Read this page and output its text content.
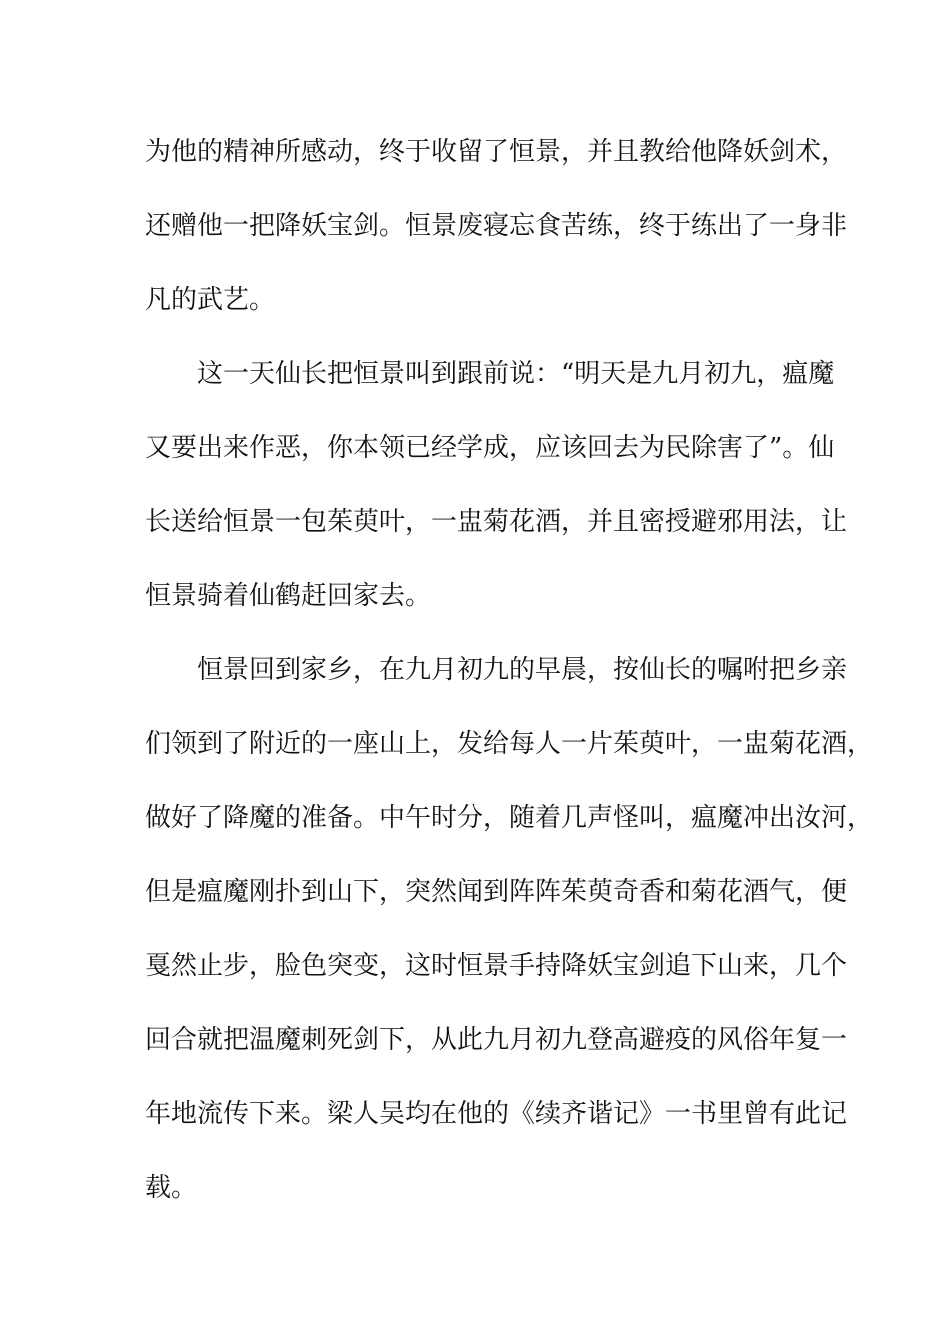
为他的精神所感动，终于收留了恒景，并且教给他降妖剑术，
还赠他一把降妖宝剑。恒景废寝忘食苦练，终于练出了一身非
凡的武艺。
这一天仙长把恒景叫到跟前说：“明天是九月初九，瘟魔
又要出来作恶，你本领已经学成，应该回去为民除害了”。仙
长送给恒景一包茱萸叶，一盅菊花酒，并且密授避邪用法，让
恒景骑着仙鹤赶回家去。
恒景回到家乡，在九月初九的早晨，按仙长的嘱咐把乡亲
们领到了附近的一座山上，发给每人一片茱萸叶，一盅菊花酒，
做好了降魔的准备。中午时分，随着几声怪叫，瘟魔冲出汝河，
但是瘟魔刚扑到山下，突然闻到阵阵茱萸奇香和菊花酒气，便
戛然止步，脸色突变，这时恒景手持降妖宝剑追下山来，几个
回合就把温魔刺死剑下，从此九月初九登高避疫的风俗年复一
年地流传下来。梁人吴均在他的《续齐谐记》一书里曾有此记
载。
